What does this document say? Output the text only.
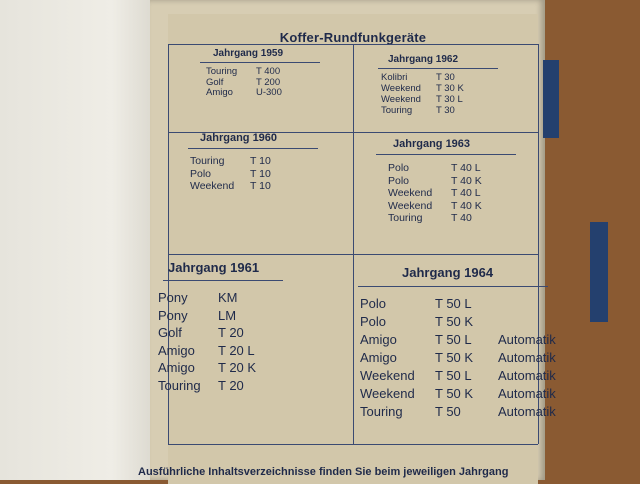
Koffer-Rundfunkgeräte
Jahrgang 1959
Touring T 400
Golf	T 200
Amigo U-300
Jahrgang 1962
Kolibri	T 30
Weekend T 30 K
Weekend T 30 L
Touring	T 30
Jahrgang 1960
Touring T 10
Polo	T 10
Weekend T 10
Jahrgang 1963
Polo	T 40 L
Polo	T 40 K
Weekend T 40 L
Weekend T 40 K
Touring	T 40
Jahrgang 1961
Pony KM
Pony LM
Golf	T 20
Amigo T 20 L
Amigo T 20 K
Touring T 20
Jahrgang 1964
Polo	T 50 L
Polo	T 50 K
Amigo	T 50 L Automatik
Amigo	T 50 K Automatik
Weekend T 50 L Automatik
Weekend T 50 K Automatik
Touring T 50	Automatik
Ausführliche Inhaltsverzeichnisse finden Sie beim jeweiligen Jahrgang
